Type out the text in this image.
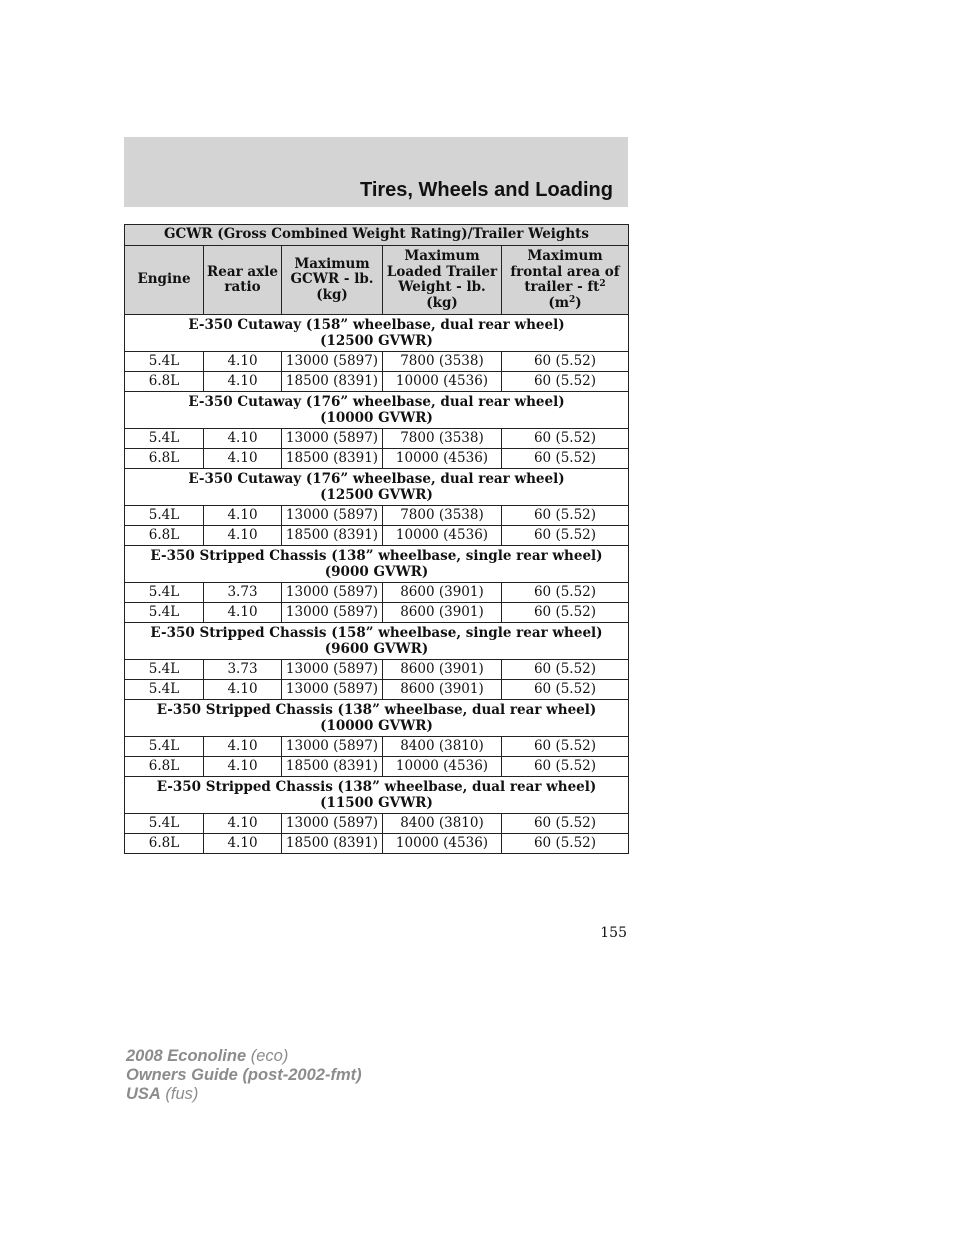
Tires, Wheels and Loading
GCWR (Gross Combined Weight Rating)/Trailer Weights				
Engine	Rear axle ratio	Maximum GCWR - lb. (kg)	Maximum Loaded Trailer Weight - lb. (kg)	Maximum frontal area of trailer - $ft^2$
$(m^2)$

E-350 Cutaway (158” wheelbase, dual rear wheel)
(12500 GVWR)				

5.4L	4.10	13000 (5897)	7800 (3538)	60 (5.52)
6.8L	4.10	18500 (8391)	10000 (4536)	60 (5.52)

E-350 Cutaway (176” wheelbase, dual rear wheel)
(10000 GVWR)				

5.4L	4.10	13000 (5897)	7800 (3538)	60 (5.52)
6.8L	4.10	18500 (8391)	10000 (4536)	60 (5.52)

E-350 Cutaway (176” wheelbase, dual rear wheel)
(12500 GVWR)				

5.4L	4.10	13000 (5897)	7800 (3538)	60 (5.52)
6.8L	4.10	18500 (8391)	10000 (4536)	60 (5.52)

E-350 Stripped Chassis (138” wheelbase, single rear wheel)
(9000 GVWR)				

5.4L	3.73	13000 (5897)	8600 (3901)	60 (5.52)
5.4L	4.10	13000 (5897)	8600 (3901)	60 (5.52)

E-350 Stripped Chassis (158” wheelbase, single rear wheel)
(9600 GVWR)				

5.4L	3.73	13000 (5897)	8600 (3901)	60 (5.52)
5.4L	4.10	13000 (5897)	8600 (3901)	60 (5.52)

E-350 Stripped Chassis (138” wheelbase, dual rear wheel)
(10000 GVWR)				

5.4L	4.10	13000 (5897)	8400 (3810)	60 (5.52)
6.8L	4.10	18500 (8391)	10000 (4536)	60 (5.52)

E-350 Stripped Chassis (138” wheelbase, dual rear wheel)
(11500 GVWR)				

5.4L	4.10	13000 (5897)	8400 (3810)	60 (5.52)
6.8L	4.10	18500 (8391)	10000 (4536)	60 (5.52)
155
2008 Econoline (eco)
Owners Guide (post-2002-fmt)
USA (fus)
